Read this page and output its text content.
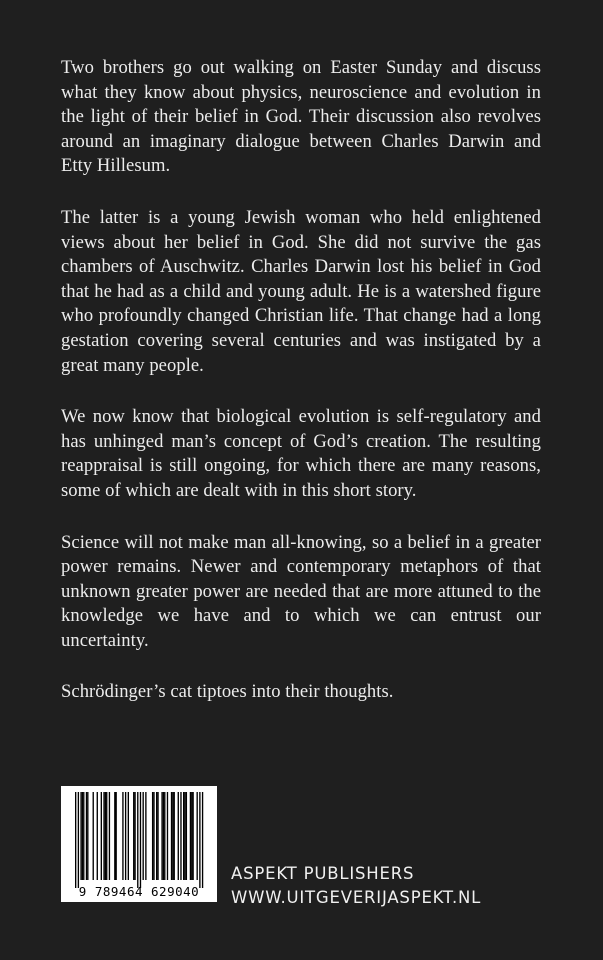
Two brothers go out walking on Easter Sunday and discuss what they know about physics, neuroscience and evolution in the light of their belief in God. Their discussion also revolves around an imaginary dialogue between Charles Darwin and Etty Hillesum.

The latter is a young Jewish woman who held enlightened views about her belief in God. She did not survive the gas chambers of Auschwitz. Charles Darwin lost his belief in God that he had as a child and young adult. He is a watershed figure who profoundly changed Christian life. That change had a long gestation covering several centuries and was instigated by a great many people.

We now know that biological evolution is self-regulatory and has unhinged man’s concept of God’s creation. The resulting reappraisal is still ongoing, for which there are many reasons, some of which are dealt with in this short story.

Science will not make man all-knowing, so a belief in a greater power remains. Newer and contemporary metaphors of that unknown greater power are needed that are more attuned to the knowledge we have and to which we can entrust our uncertainty.

Schrödinger’s cat tiptoes into their thoughts.

9 789464 629040
ASPEKT PUBLISHERS
WWW.UITGEVERIJASPEKT.NL
